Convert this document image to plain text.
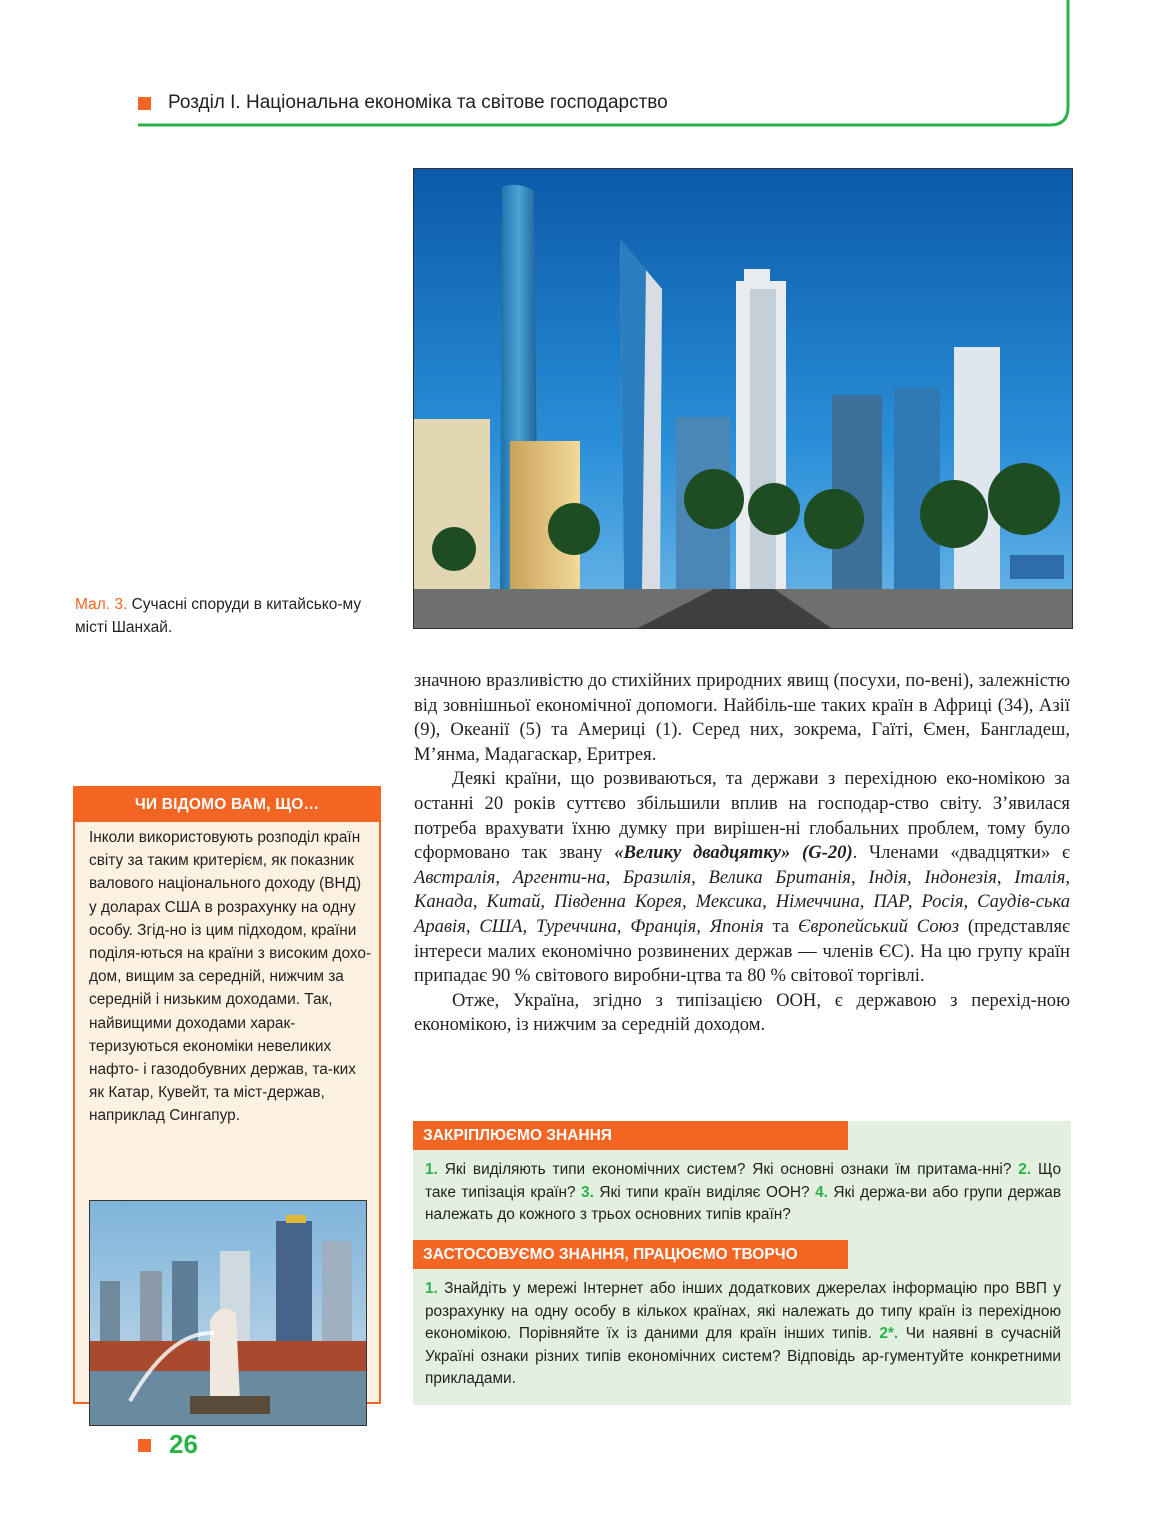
Розділ І. Національна економіка та світове господарство
Мал. 3. Сучасні споруди в китайсько-му місті Шанхай.

значною вразливістю до стихійних природних явищ (посухи, по-вені), залежністю від зовнішньої економічної допомоги. Найбіль-ше таких країн в Африці (34), Азії (9), Океанії (5) та Америці (1). Серед них, зокрема, Гаїті, Ємен, Бангладеш, М’янма, Мадагаскар, Еритрея.

Деякі країни, що розвиваються, та держави з перехідною еко-номікою за останні 20 років суттєво збільшили вплив на господар-ство світу. З’явилася потреба врахувати їхню думку при вирішен-ні глобальних проблем, тому було сформовано так звану «Велику двадцятку» (G-20). Членами «двадцятки» є Австралія, Аргенти-на, Бразилія, Велика Британія, Індія, Індонезія, Італія, Канада, Китай, Південна Корея, Мексика, Німеччина, ПАР, Росія, Саудів-ська Аравія, США, Туреччина, Франція, Японія та Європейський Союз (представляє інтереси малих економічно розвинених держав — членів ЄС). На цю групу країн припадає 90 % світового виробни-цтва та 80 % світової торгівлі.

Отже, Україна, згідно з типізацією ООН, є державою з перехід-ною економікою, із нижчим за середній доходом.

ЧИ ВІДОМО ВАМ, ЩО…
Інколи використовують розподіл країн світу за таким критерієм, як показник валового національного доходу (ВНД) у доларах США в розрахунку на одну особу. Згід-но із цим підходом, країни поділя-ються на країни з високим дохо-дом, вищим за середній, нижчим за середній і низьким доходами. Так, найвищими доходами харак-теризуються економіки невеликих нафто- і газодобувних держав, та-ких як Катар, Кувейт, та міст-держав, наприклад Сингапур.
ЗАКРІПЛЮЄМО ЗНАННЯ
1. Які виділяють типи економічних систем? Які основні ознаки їм притама-нні? 2. Що таке типізація країн? 3. Які типи країн виділяє ООН? 4. Які держа-ви або групи держав належать до кожного з трьох основних типів країн?
ЗАСТОСОВУЄМО ЗНАННЯ, ПРАЦЮЄМО ТВОРЧО
1. Знайдіть у мережі Інтернет або інших додаткових джерелах інформацію про ВВП у розрахунку на одну особу в кількох країнах, які належать до типу країн із перехідною економікою. Порівняйте їх із даними для країн інших типів. 2*. Чи наявні в сучасній Україні ознаки різних типів економічних систем? Відповідь ар-гументуйте конкретними прикладами.
26
